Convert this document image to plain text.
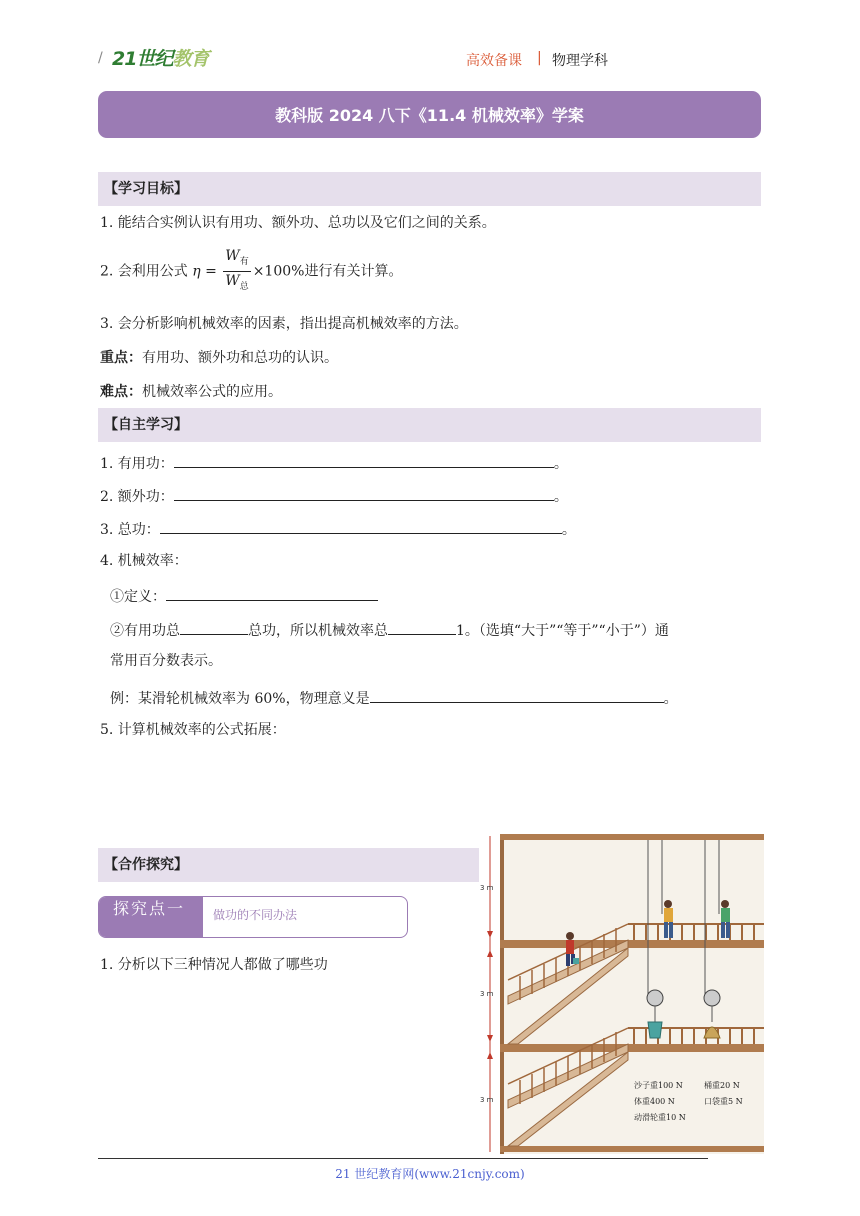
/ 21世纪教育	高效备课 | 物理学科
教科版 2024 八下《11.4 机械效率》学案
【学习目标】
1. 能结合实例认识有用功、额外功、总功以及它们之间的关系。
2. 会利用公式 $\eta = \frac{W_有}{W_总} \times 100\%$进行有关计算。
3. 会分析影响机械效率的因素，指出提高机械效率的方法。
重点：有用功、额外功和总功的认识。
难点：机械效率公式的应用。
【自主学习】
1. 有用功：	。
2. 额外功：	。
3. 总功：	。
4. 机械效率：
①定义：
②有用功总	总功，所以机械效率总	1。（选填“大于”“等于”“小于”）通
常用百分数表示。
例：某滑轮机械效率为 60%，物理意义是	。
5. 计算机械效率的公式拓展：
【合作探究】
探究点一	做功的不同办法
1. 分析以下三种情况人都做了哪些功
3 m
3 m
3 m
沙子重100 N
体重400 N
动滑轮重10 N
桶重20 N
口袋重5 N
21 世纪教育网(www.21cnjy.com)
